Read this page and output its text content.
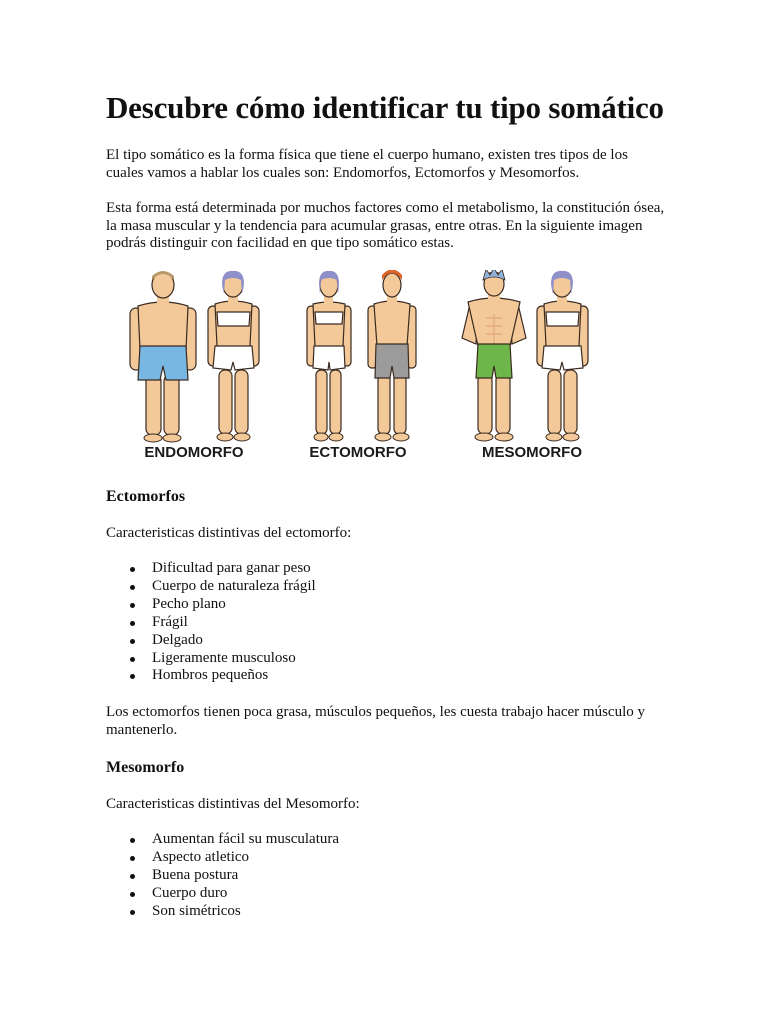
Descubre cómo identificar tu tipo somático

El tipo somático es la forma física que tiene el cuerpo humano, existen tres tipos de los cuales vamos a hablar los cuales son: Endomorfos, Ectomorfos y Mesomorfos.

Esta forma está determinada por muchos factores como el metabolismo, la constitución ósea, la masa muscular y la tendencia para acumular grasas, entre otras. En la siguiente imagen podrás distinguir con facilidad en que tipo somático estas.

ENDOMORFO	ECTOMORFO	MESOMORFO
Ectomorfos

Caracteristicas distintivas del ectomorfo:

Dificultad para ganar peso
Cuerpo de naturaleza frágil
Pecho plano
Frágil
Delgado
Ligeramente musculoso
Hombros pequeños

Los ectomorfos tienen poca grasa, músculos pequeños, les cuesta trabajo hacer músculo y mantenerlo.

Mesomorfo

Caracteristicas distintivas del Mesomorfo:

Aumentan fácil su musculatura
Aspecto atletico
Buena postura
Cuerpo duro
Son simétricos
